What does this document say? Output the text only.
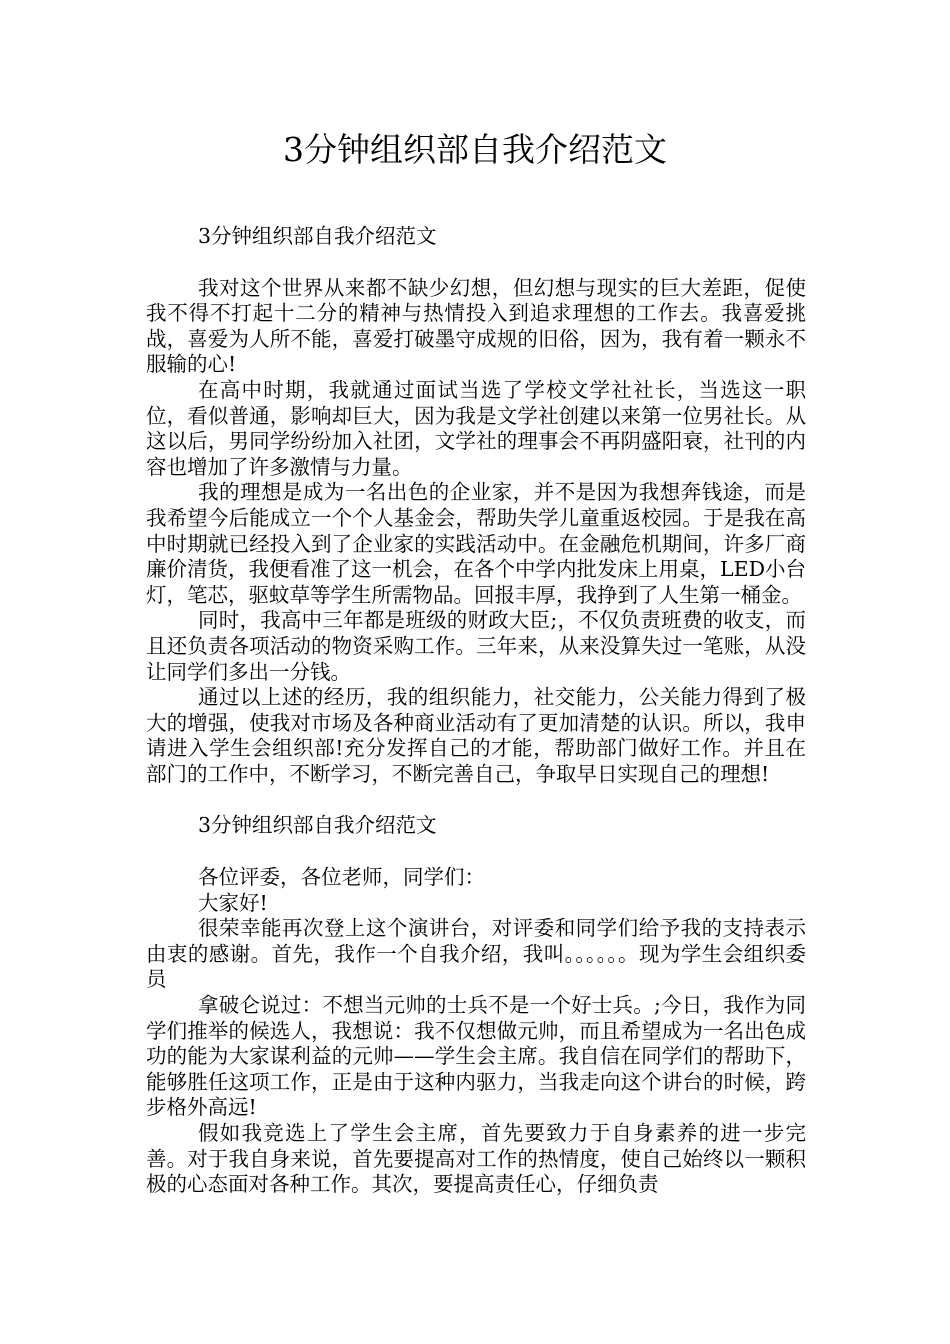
3分钟组织部自我介绍范文

3分钟组织部自我介绍范文

我对这个世界从来都不缺少幻想，但幻想与现实的巨大差距，促使我不得不打起十二分的精神与热情投入到追求理想的工作去。我喜爱挑战，喜爱为人所不能，喜爱打破墨守成规的旧俗，因为，我有着一颗永不服输的心!

在高中时期，我就通过面试当选了学校文学社社长，当选这一职位，看似普通，影响却巨大，因为我是文学社创建以来第一位男社长。从这以后，男同学纷纷加入社团，文学社的理事会不再阴盛阳衰，社刊的内容也增加了许多激情与力量。

我的理想是成为一名出色的企业家，并不是因为我想奔钱途，而是我希望今后能成立一个个人基金会，帮助失学儿童重返校园。于是我在高中时期就已经投入到了企业家的实践活动中。在金融危机期间，许多厂商廉价清货，我便看准了这一机会，在各个中学内批发床上用桌，LED小台灯，笔芯，驱蚊草等学生所需物品。回报丰厚，我挣到了人生第一桶金。

同时，我高中三年都是班级的财政大臣;，不仅负责班费的收支，而且还负责各项活动的物资采购工作。三年来，从来没算失过一笔账，从没让同学们多出一分钱。

通过以上述的经历，我的组织能力，社交能力，公关能力得到了极大的增强，使我对市场及各种商业活动有了更加清楚的认识。所以，我申请进入学生会组织部!充分发挥自己的才能，帮助部门做好工作。并且在部门的工作中，不断学习，不断完善自己，争取早日实现自己的理想!

3分钟组织部自我介绍范文

各位评委，各位老师，同学们：

大家好!

很荣幸能再次登上这个演讲台，对评委和同学们给予我的支持表示由衷的感谢。首先，我作一个自我介绍，我叫。。。。。。现为学生会组织委员

拿破仑说过：不想当元帅的士兵不是一个好士兵。;今日，我作为同学们推举的候选人，我想说：我不仅想做元帅，而且希望成为一名出色成功的能为大家谋利益的元帅——学生会主席。我自信在同学们的帮助下，能够胜任这项工作，正是由于这种内驱力，当我走向这个讲台的时候，跨步格外高远!

假如我竞选上了学生会主席，首先要致力于自身素养的进一步完善。对于我自身来说，首先要提高对工作的热情度，使自己始终以一颗积极的心态面对各种工作。其次，要提高责任心，仔细负责
